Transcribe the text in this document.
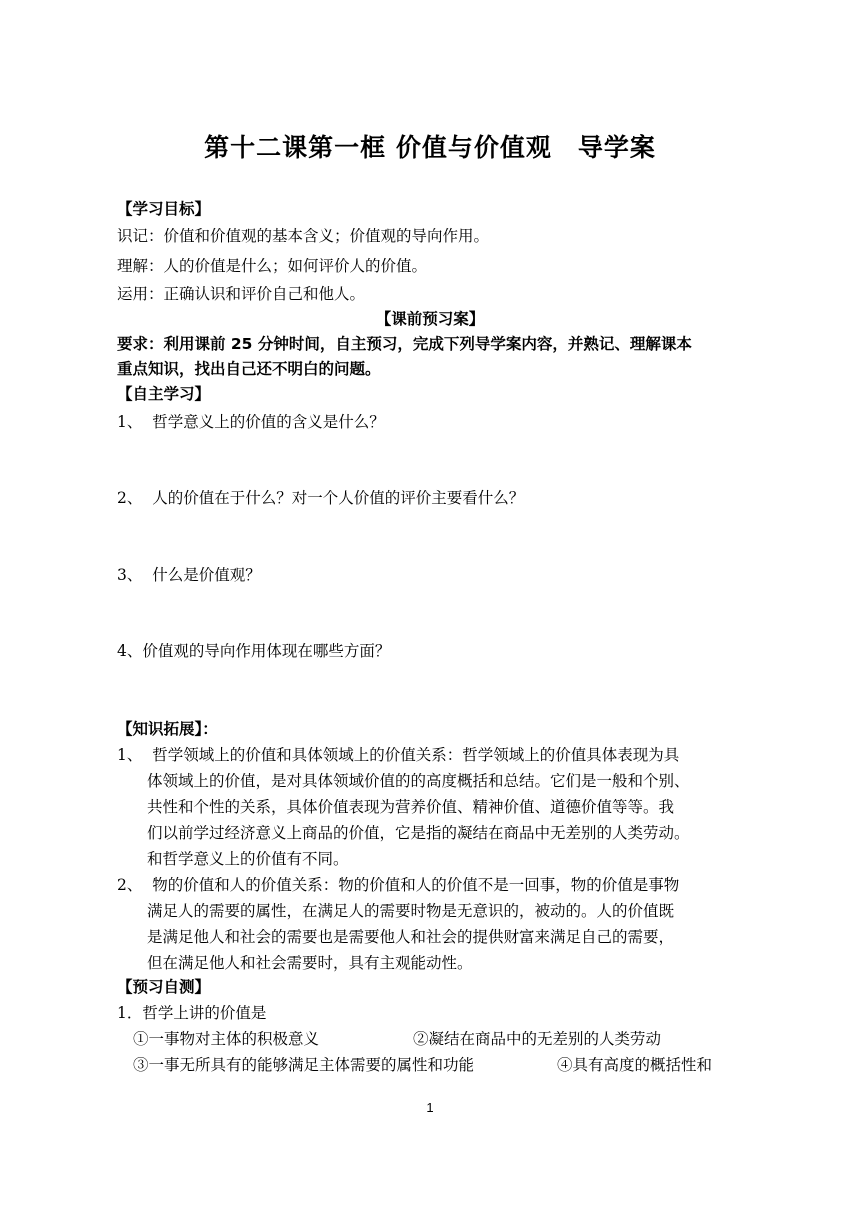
第十二课第一框 价值与价值观　导学案
【学习目标】
识记：价值和价值观的基本含义；价值观的导向作用。
理解：人的价值是什么；如何评价人的价值。
运用：正确认识和评价自己和他人。
【课前预习案】
要求：利用课前 25 分钟时间，自主预习，完成下列导学案内容，并熟记、理解课本
重点知识，找出自己还不明白的问题。
【自主学习】
1、  哲学意义上的价值的含义是什么？
2、  人的价值在于什么？对一个人价值的评价主要看什么？
3、  什么是价值观？
4、价值观的导向作用体现在哪些方面？
【知识拓展】：
1、  哲学领域上的价值和具体领域上的价值关系：哲学领域上的价值具体表现为具
体领域上的价值，是对具体领域价值的的高度概括和总结。它们是一般和个别、
共性和个性的关系，具体价值表现为营养价值、精神价值、道德价值等等。我
们以前学过经济意义上商品的价值，它是指的凝结在商品中无差别的人类劳动。
和哲学意义上的价值有不同。
2、  物的价值和人的价值关系：物的价值和人的价值不是一回事，物的价值是事物
满足人的需要的属性，在满足人的需要时物是无意识的，被动的。人的价值既
是满足他人和社会的需要也是需要他人和社会的提供财富来满足自己的需要，
但在满足他人和社会需要时，具有主观能动性。
【预习自测】
1．哲学上讲的价值是
①一事物对主体的积极意义	②凝结在商品中的无差别的人类劳动
③一事无所具有的能够满足主体需要的属性和功能	④具有高度的概括性和
1
